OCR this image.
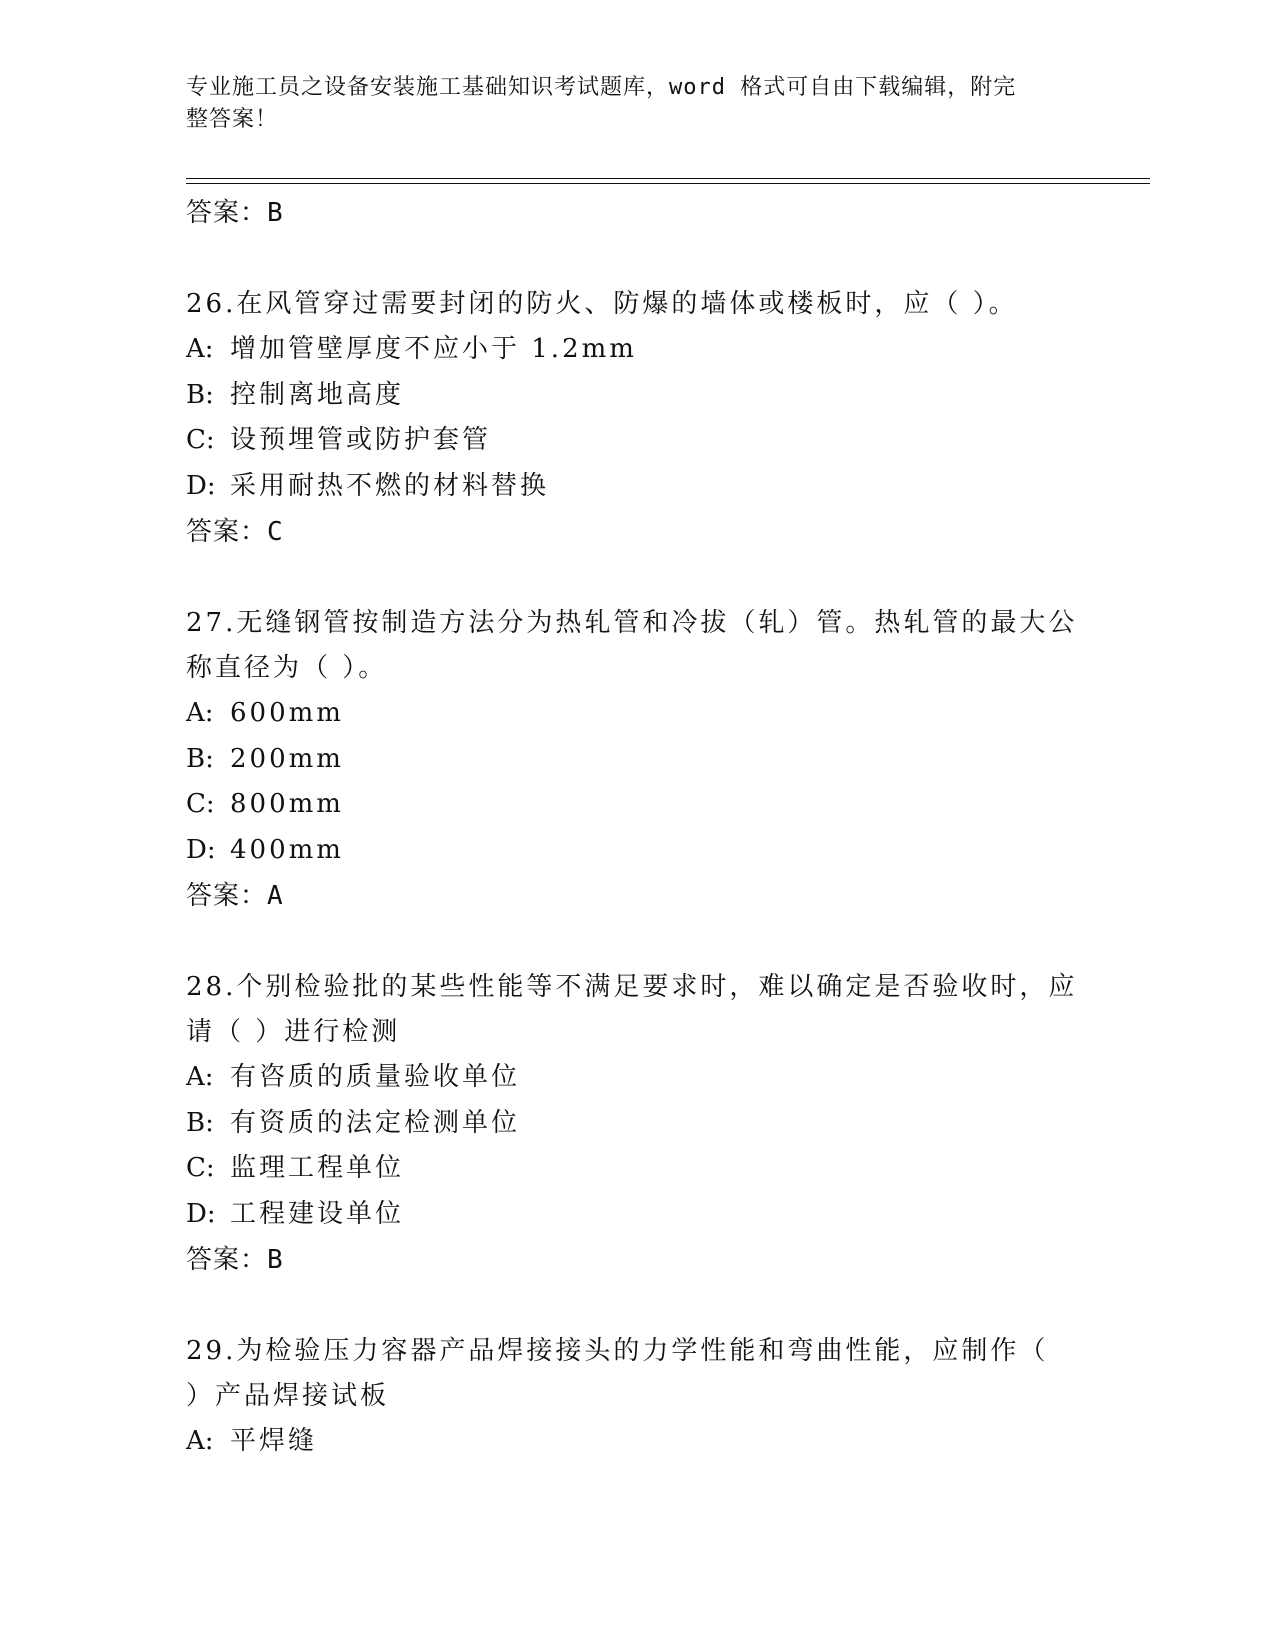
专业施工员之设备安装施工基础知识考试题库，word 格式可自由下载编辑，附完
整答案！
答案：B
26.在风管穿过需要封闭的防火、防爆的墙体或楼板时，应（ ）。
A: 增加管壁厚度不应小于 1.2mm
B: 控制离地高度
C: 设预埋管或防护套管
D: 采用耐热不燃的材料替换
答案：C
27.无缝钢管按制造方法分为热轧管和冷拔（轧）管。热轧管的最大公
称直径为（ ）。
A: 600mm
B: 200mm
C: 800mm
D: 400mm
答案：A
28.个别检验批的某些性能等不满足要求时，难以确定是否验收时，应
请（ ）进行检测
A: 有咨质的质量验收单位
B: 有资质的法定检测单位
C: 监理工程单位
D: 工程建设单位
答案：B
29.为检验压力容器产品焊接接头的力学性能和弯曲性能，应制作（
）产品焊接试板
A: 平焊缝
